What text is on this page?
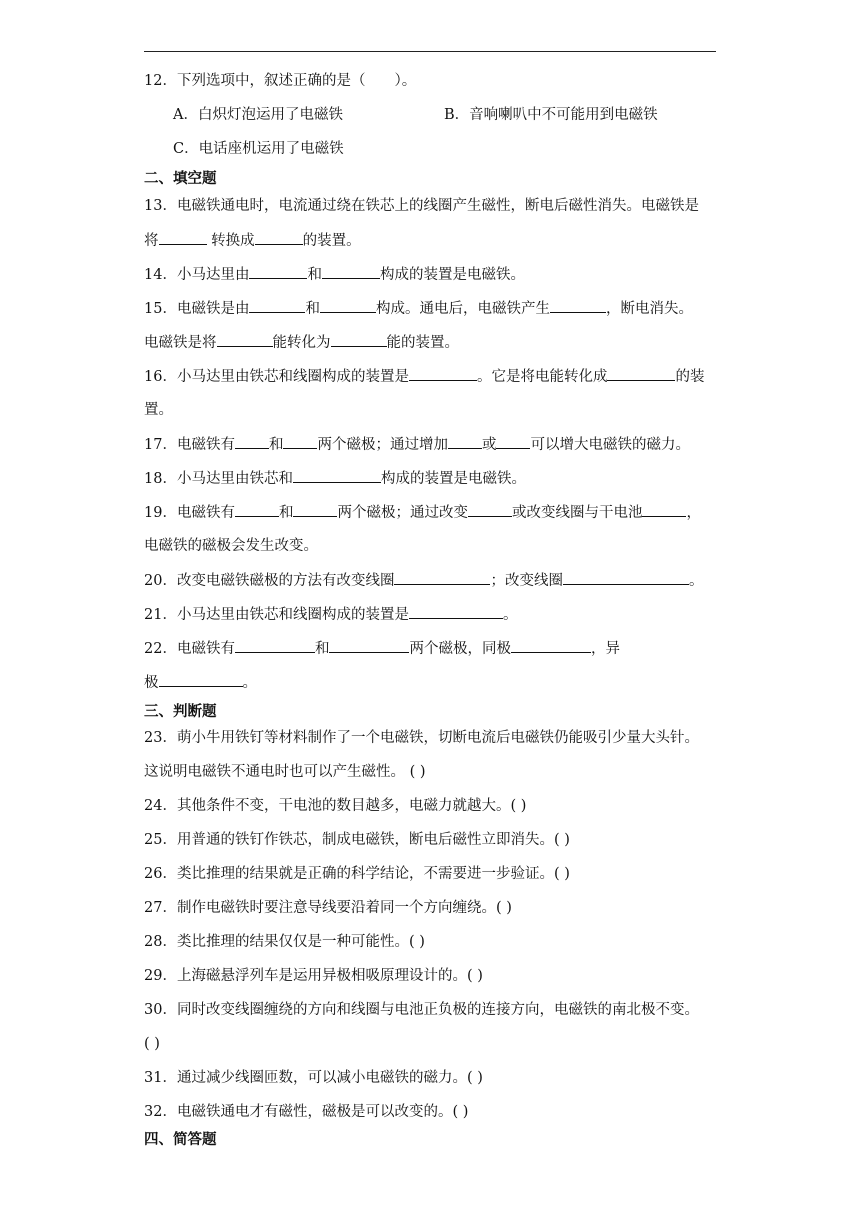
12．下列选项中，叙述正确的是（　　）。
A．白炽灯泡运用了电磁铁	B．音响喇叭中不可能用到电磁铁
C．电话座机运用了电磁铁
二、填空题
13．电磁铁通电时，电流通过绕在铁芯上的线圈产生磁性，断电后磁性消失。电磁铁是
将	转换成	的装置。
14．小马达里由	和	构成的装置是电磁铁。
15．电磁铁是由	和	构成。通电后，电磁铁产生	，断电消失。
电磁铁是将	能转化为	能的装置。
16．小马达里由铁芯和线圈构成的装置是	。它是将电能转化成	的装
置。
17．电磁铁有 和 两个磁极；通过增加 或 可以增大电磁铁的磁力。
18．小马达里由铁芯和	构成的装置是电磁铁。
19．电磁铁有	和	两个磁极；通过改变	或改变线圈与干电池	，
电磁铁的磁极会发生改变。
20．改变电磁铁磁极的方法有改变线圈	；改变线圈	。
21．小马达里由铁芯和线圈构成的装置是	。
22．电磁铁有	和	两个磁极，同极	，异
极	。
三、判断题
23．萌小牛用铁钉等材料制作了一个电磁铁，切断电流后电磁铁仍能吸引少量大头针。
这说明电磁铁不通电时也可以产生磁性。 ( )
24．其他条件不变，干电池的数目越多，电磁力就越大。( )
25．用普通的铁钉作铁芯，制成电磁铁，断电后磁性立即消失。( )
26．类比推理的结果就是正确的科学结论，不需要进一步验证。( )
27．制作电磁铁时要注意导线要沿着同一个方向缠绕。( )
28．类比推理的结果仅仅是一种可能性。( )
29．上海磁悬浮列车是运用异极相吸原理设计的。( )
30．同时改变线圈缠绕的方向和线圈与电池正负极的连接方向，电磁铁的南北极不变。
( )
31．通过减少线圈匝数，可以减小电磁铁的磁力。( )
32．电磁铁通电才有磁性，磁极是可以改变的。( )
四、简答题
